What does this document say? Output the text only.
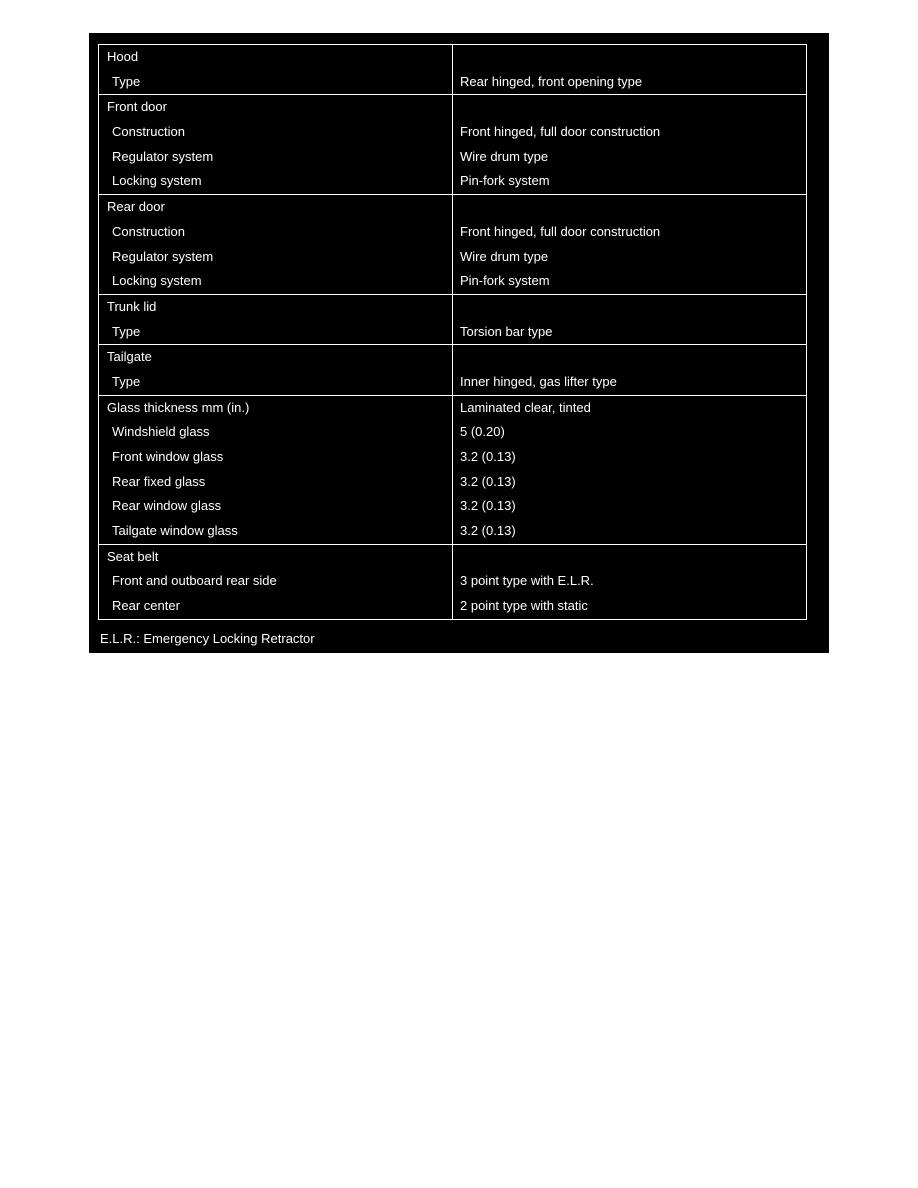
Hood
Type	Rear hinged, front opening type
Front door
Construction	Front hinged, full door construction
Regulator system	Wire drum type
Locking system	Pin-fork system
Rear door
Construction	Front hinged, full door construction
Regulator system	Wire drum type
Locking system	Pin-fork system
Trunk lid
Type	Torsion bar type
Tailgate
Type	Inner hinged, gas lifter type
Glass thickness mm (in.)	Laminated clear, tinted
Windshield glass	5 (0.20)
Front window glass	3.2 (0.13)
Rear fixed glass	3.2 (0.13)
Rear window glass	3.2 (0.13)
Tailgate window glass	3.2 (0.13)
Seat belt
Front and outboard rear side	3 point type with E.L.R.
Rear center	2 point type with static
E.L.R.: Emergency Locking Retractor
